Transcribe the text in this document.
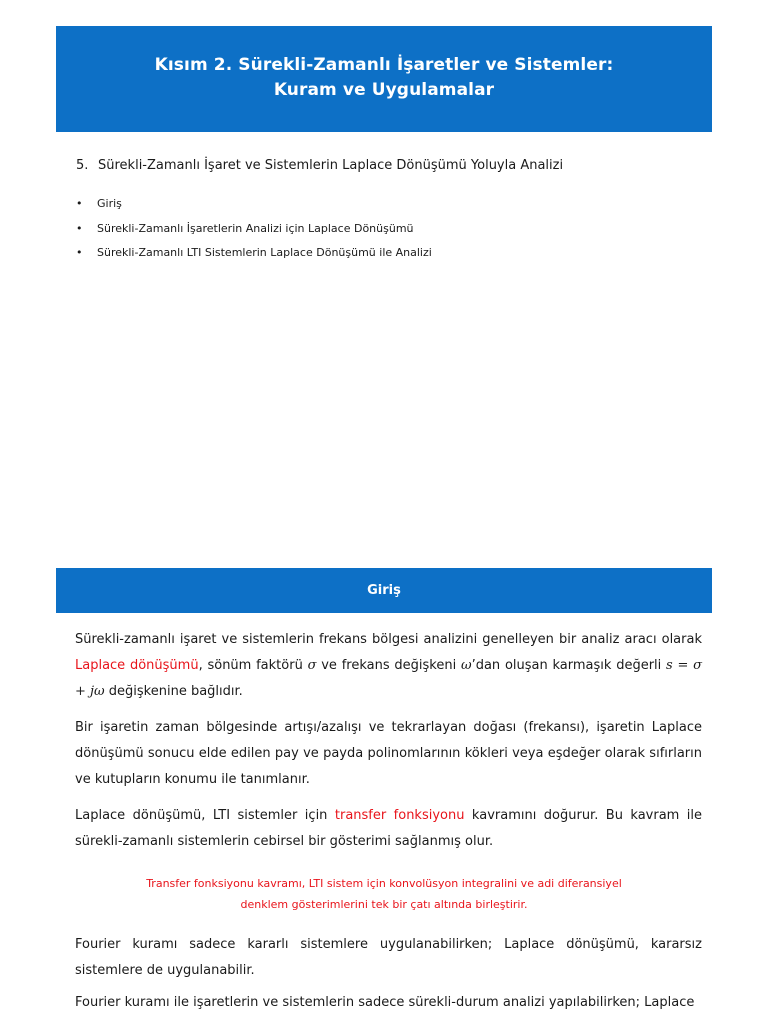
Kısım 2. Sürekli-Zamanlı İşaretler ve Sistemler:
Kuram ve Uygulamalar
5. Sürekli-Zamanlı İşaret ve Sistemlerin Laplace Dönüşümü Yoluyla Analizi
• Giriş
• Sürekli-Zamanlı İşaretlerin Analizi için Laplace Dönüşümü
• Sürekli-Zamanlı LTI Sistemlerin Laplace Dönüşümü ile Analizi
Giriş
Sürekli-zamanlı işaret ve sistemlerin frekans bölgesi analizini genelleyen bir analiz aracı olarak Laplace dönüşümü, sönüm faktörü σ ve frekans değişkeni ω’dan oluşan karmaşık değerli s = σ + jω değişkenine bağlıdır.
Bir işaretin zaman bölgesinde artışı/azalışı ve tekrarlayan doğası (frekansı), işaretin Laplace dönüşümü sonucu elde edilen pay ve payda polinomlarının kökleri veya eşdeğer olarak sıfırların ve kutupların konumu ile tanımlanır.
Laplace dönüşümü, LTI sistemler için transfer fonksiyonu kavramını doğurur. Bu kavram ile sürekli-zamanlı sistemlerin cebirsel bir gösterimi sağlanmış olur.
Transfer fonksiyonu kavramı, LTI sistem için konvolüsyon integralini ve adi diferansiyel
denklem gösterimlerini tek bir çatı altında birleştirir.
Fourier kuramı sadece kararlı sistemlere uygulanabilirken; Laplace dönüşümü, kararsız sistemlere de uygulanabilir.
Fourier kuramı ile işaretlerin ve sistemlerin sadece sürekli-durum analizi yapılabilirken; Laplace
